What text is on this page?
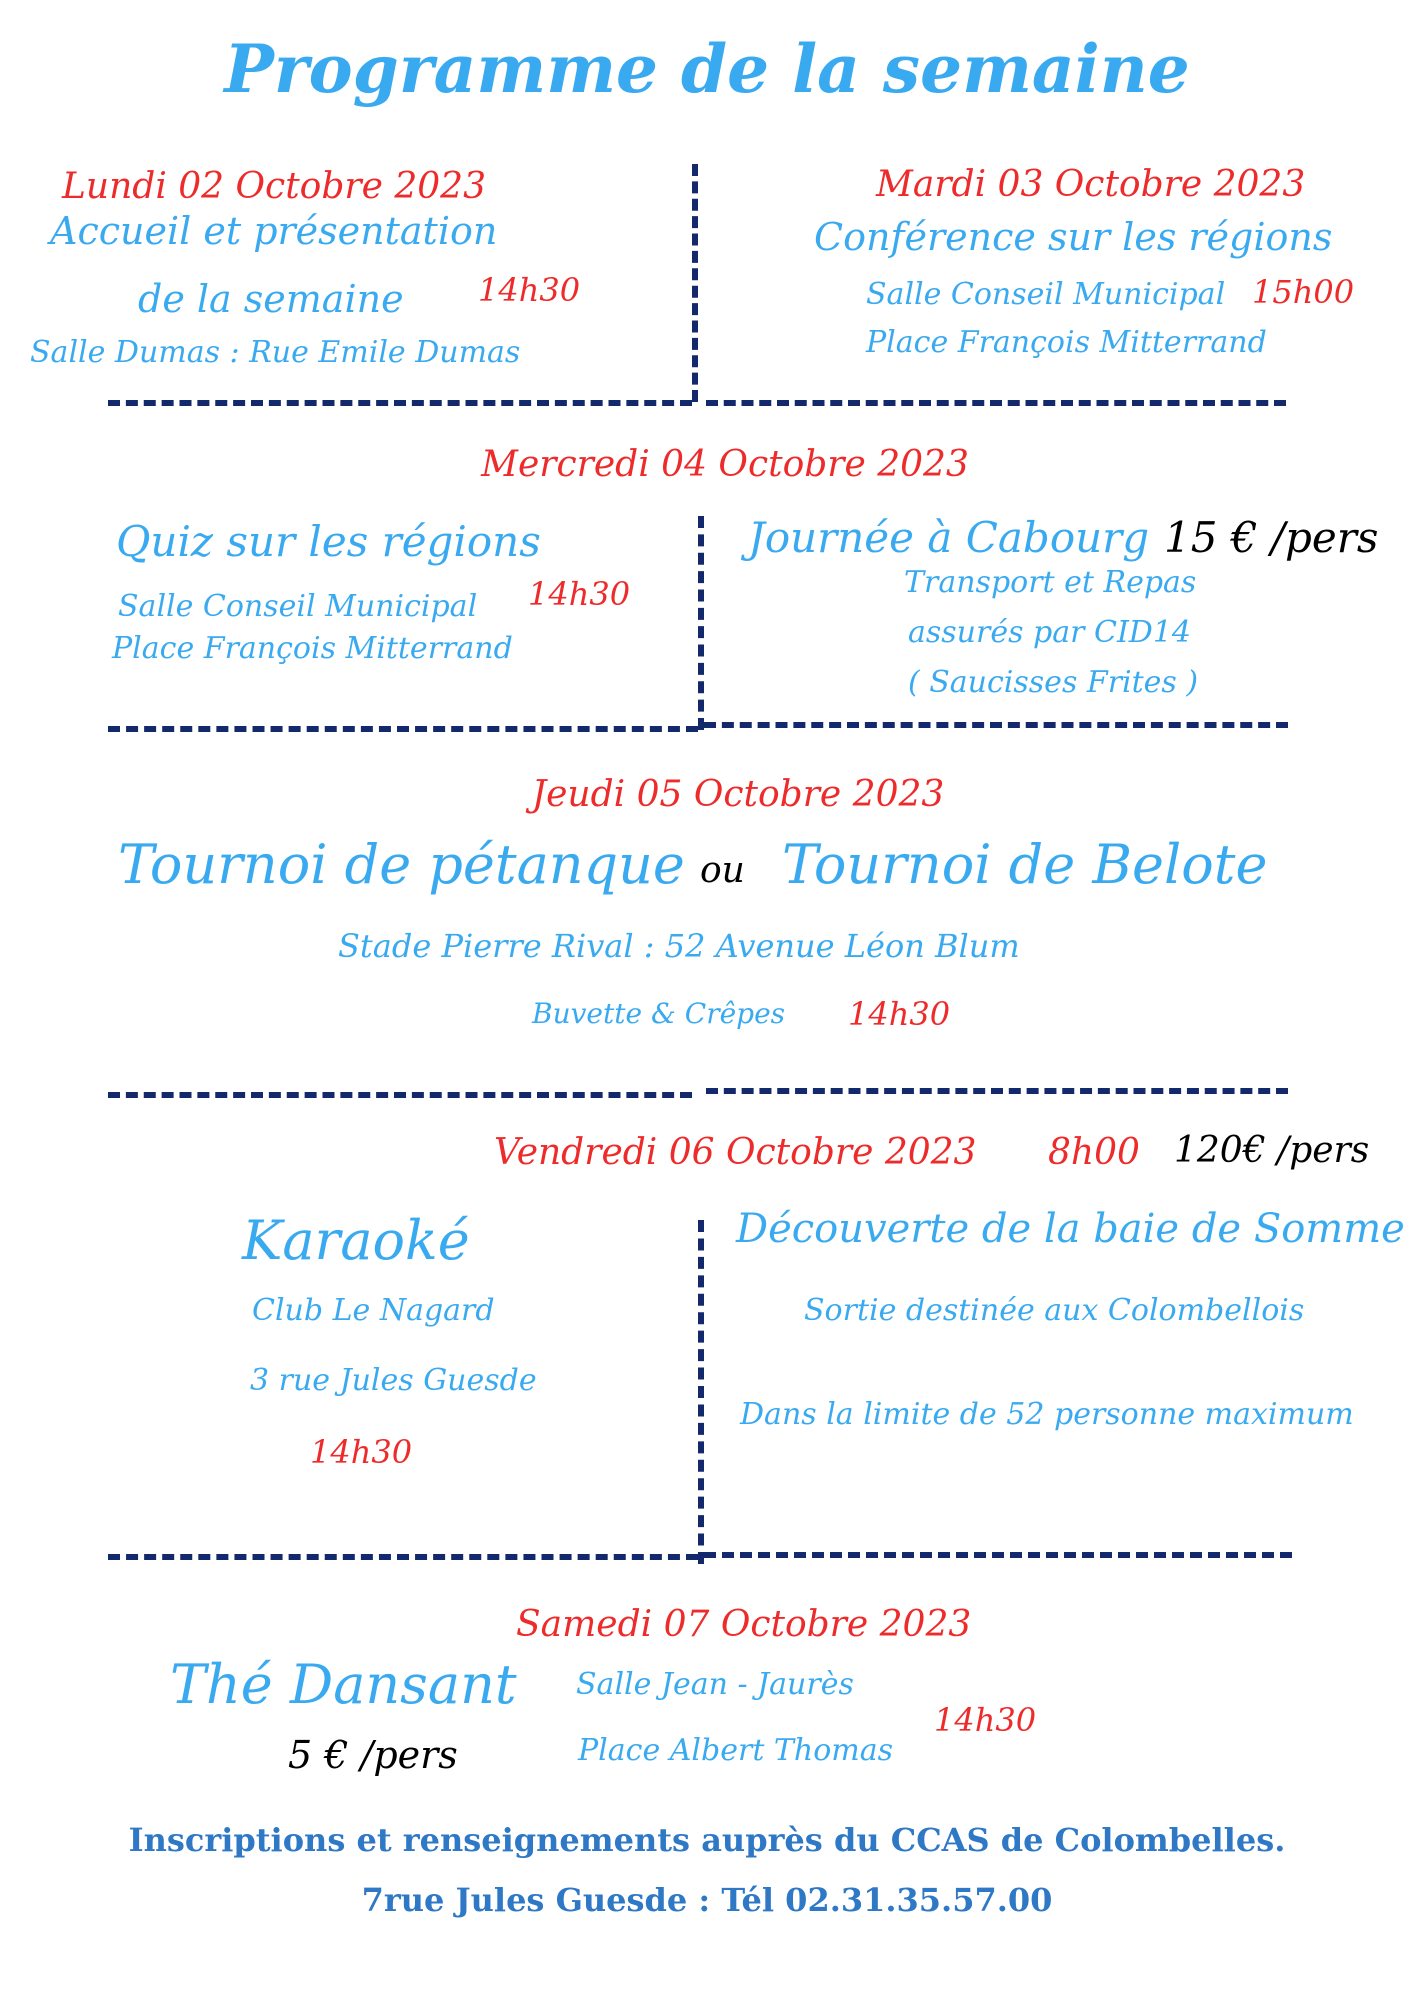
Programme de la semaine
Lundi 02 Octobre 2023
Accueil et présentation
de la semaine 14h30
Salle Dumas : Rue Emile Dumas
Mardi 03 Octobre 2023
Conférence sur les régions
Salle Conseil Municipal 15h00
Place François Mitterrand
Mercredi 04 Octobre 2023
Quiz sur les régions
Salle Conseil Municipal 14h30
Place François Mitterrand
Journée à Cabourg 15 € /pers
Transport et Repas
assurés par CID14
( Saucisses Frites )
Jeudi 05 Octobre 2023
Tournoi de pétanque ou Tournoi de Belote
Stade Pierre Rival : 52 Avenue Léon Blum
Buvette & Crêpes 14h30
Vendredi 06 Octobre 2023 8h00 120€ /pers
Karaoké
Club Le Nagard
3 rue Jules Guesde
14h30
Découverte de la baie de Somme
Sortie destinée aux Colombellois
Dans la limite de 52 personne maximum
Samedi 07 Octobre 2023
Thé Dansant
5 € /pers
Salle Jean - Jaurès
14h30
Place Albert Thomas
Inscriptions et renseignements auprès du CCAS de Colombelles.
7rue Jules Guesde : Tél 02.31.35.57.00
